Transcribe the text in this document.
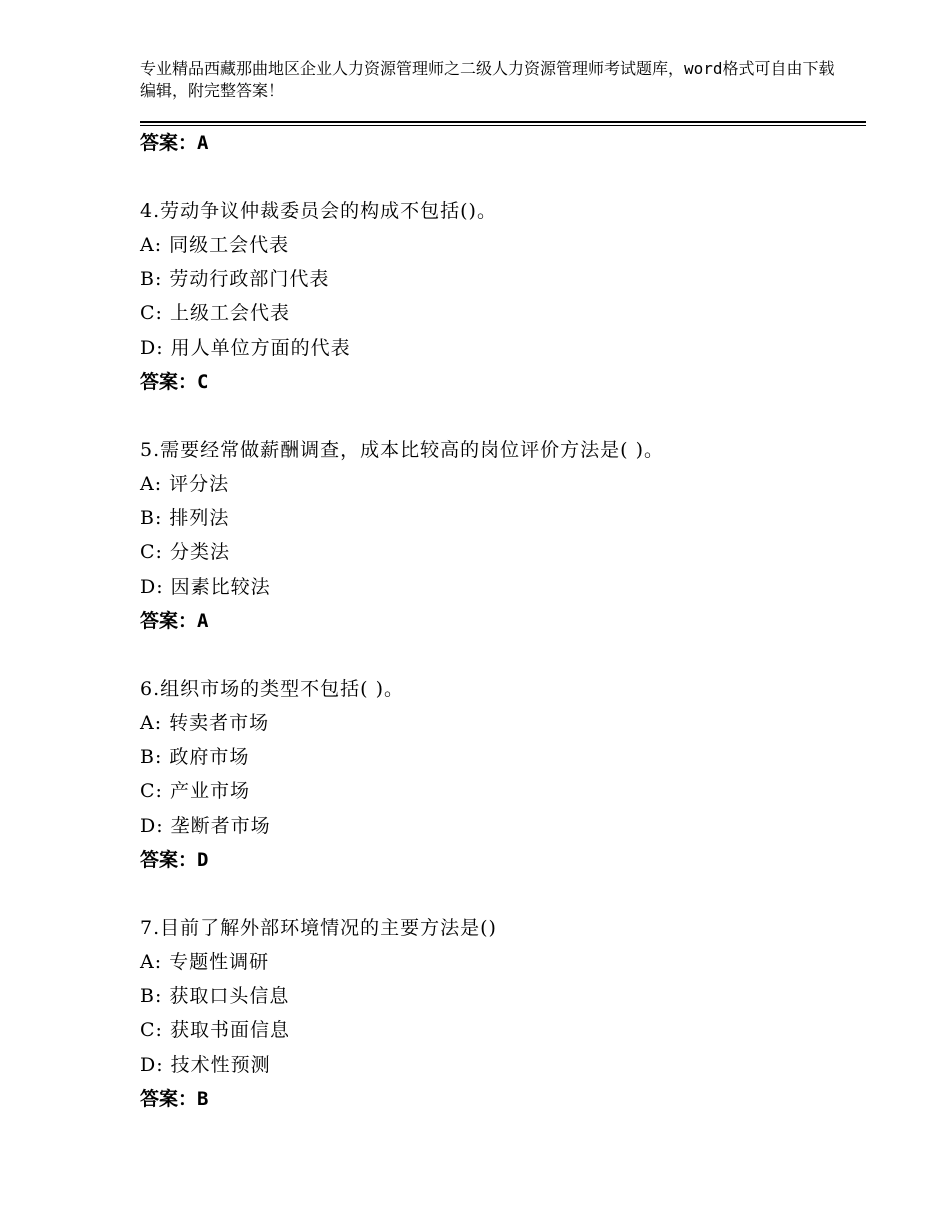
专业精品西藏那曲地区企业人力资源管理师之二级人力资源管理师考试题库，word格式可自由下载编辑，附完整答案！
答案：A
4.劳动争议仲裁委员会的构成不包括()。
A: 同级工会代表
B: 劳动行政部门代表
C: 上级工会代表
D: 用人单位方面的代表
答案：C
5.需要经常做薪酬调查，成本比较高的岗位评价方法是( )。
A: 评分法
B: 排列法
C: 分类法
D: 因素比较法
答案：A
6.组织市场的类型不包括( )。
A: 转卖者市场
B: 政府市场
C: 产业市场
D: 垄断者市场
答案：D
7.目前了解外部环境情况的主要方法是()
A: 专题性调研
B: 获取口头信息
C: 获取书面信息
D: 技术性预测
答案：B
